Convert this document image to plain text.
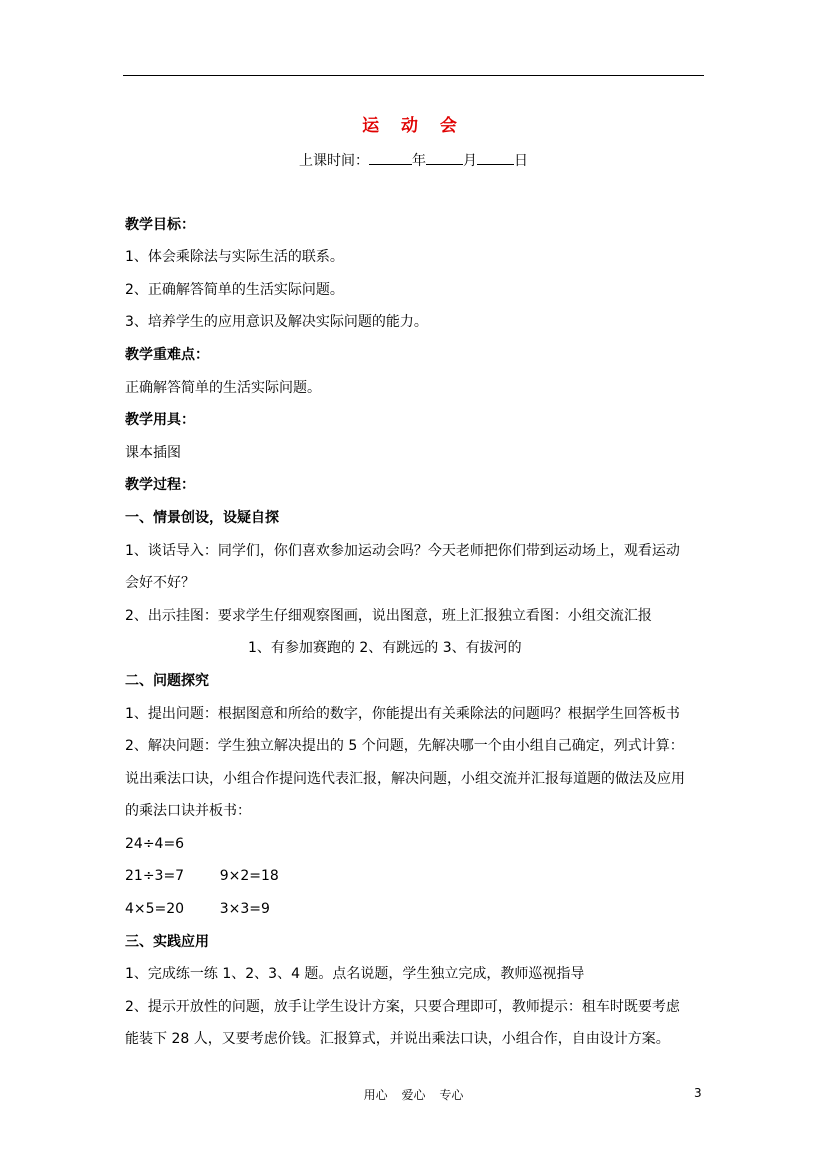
运 动 会
上课时间：	年	月	日
教学目标：
1、体会乘除法与实际生活的联系。
2、正确解答简单的生活实际问题。
3、培养学生的应用意识及解决实际问题的能力。
教学重难点：
正确解答简单的生活实际问题。
教学用具：
课本插图
教学过程：
一、情景创设，设疑自探
1、谈话导入：同学们，你们喜欢参加运动会吗？今天老师把你们带到运动场上，观看运动
会好不好？
2、出示挂图：要求学生仔细观察图画，说出图意，班上汇报独立看图：小组交流汇报
1、有参加赛跑的 2、有跳远的 3、有拔河的
二、问题探究
1、提出问题：根据图意和所给的数字，你能提出有关乘除法的问题吗？根据学生回答板书
2、解决问题：学生独立解决提出的 5 个问题，先解决哪一个由小组自己确定，列式计算：
说出乘法口诀，小组合作提问选代表汇报，解决问题，小组交流并汇报每道题的做法及应用
的乘法口诀并板书：
24÷4=6
21÷3=7        9×2=18
4×5=20        3×3=9
三、实践应用
1、完成练一练 1、2、3、4 题。点名说题，学生独立完成，教师巡视指导
2、提示开放性的问题，放手让学生设计方案，只要合理即可，教师提示：租车时既要考虑
能装下 28 人，又要考虑价钱。汇报算式，并说出乘法口诀，小组合作，自由设计方案。
用心 爱心 专心	3
